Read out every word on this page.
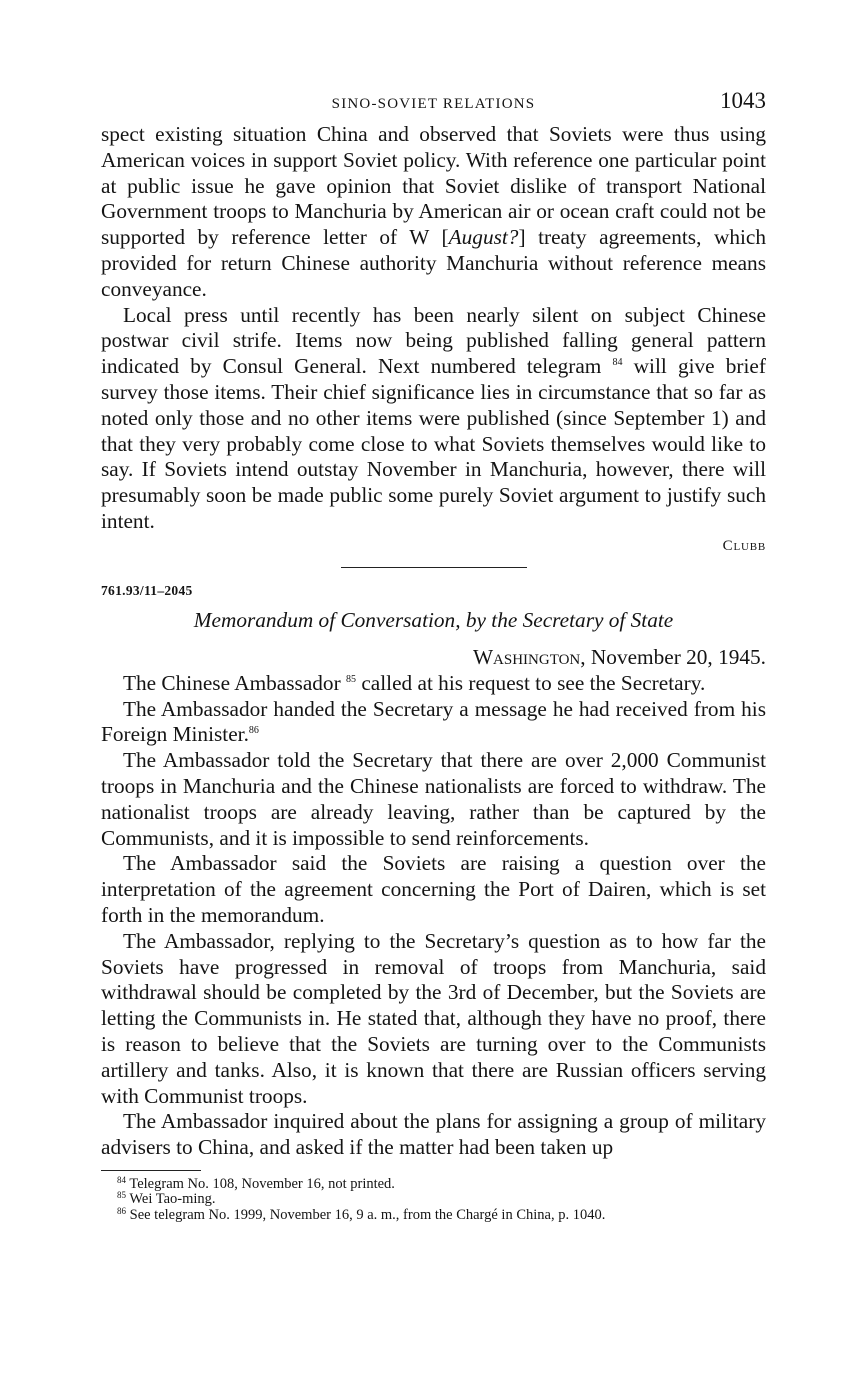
SINO-SOVIET RELATIONS	1043

spect existing situation China and observed that Soviets were thus using American voices in support Soviet policy. With reference one particular point at public issue he gave opinion that Soviet dislike of transport National Government troops to Manchuria by American air or ocean craft could not be supported by reference letter of W [August?] treaty agreements, which provided for return Chinese authority Manchuria without reference means conveyance.

Local press until recently has been nearly silent on subject Chinese postwar civil strife. Items now being published falling general pattern indicated by Consul General. Next numbered telegram $^{84}$ will give brief survey those items. Their chief significance lies in circumstance that so far as noted only those and no other items were published (since September 1) and that they very probably come close to what Soviets themselves would like to say. If Soviets intend outstay November in Manchuria, however, there will presumably soon be made public some purely Soviet argument to justify such intent.

Clubb
761.93/11–2045
Memorandum of Conversation, by the Secretary of State
Washington, November 20, 1945.

The Chinese Ambassador $^{85}$ called at his request to see the Secretary.

The Ambassador handed the Secretary a message he had received from his Foreign Minister.$^{86}$

The Ambassador told the Secretary that there are over 2,000 Communist troops in Manchuria and the Chinese nationalists are forced to withdraw. The nationalist troops are already leaving, rather than be captured by the Communists, and it is impossible to send reinforcements.

The Ambassador said the Soviets are raising a question over the interpretation of the agreement concerning the Port of Dairen, which is set forth in the memorandum.

The Ambassador, replying to the Secretary’s question as to how far the Soviets have progressed in removal of troops from Manchuria, said withdrawal should be completed by the 3rd of December, but the Soviets are letting the Communists in. He stated that, although they have no proof, there is reason to believe that the Soviets are turning over to the Communists artillery and tanks. Also, it is known that there are Russian officers serving with Communist troops.

The Ambassador inquired about the plans for assigning a group of military advisers to China, and asked if the matter had been taken up

$^{84}$ Telegram No. 108, November 16, not printed.
$^{85}$ Wei Tao-ming.
$^{86}$ See telegram No. 1999, November 16, 9 a. m., from the Chargé in China, p. 1040.
